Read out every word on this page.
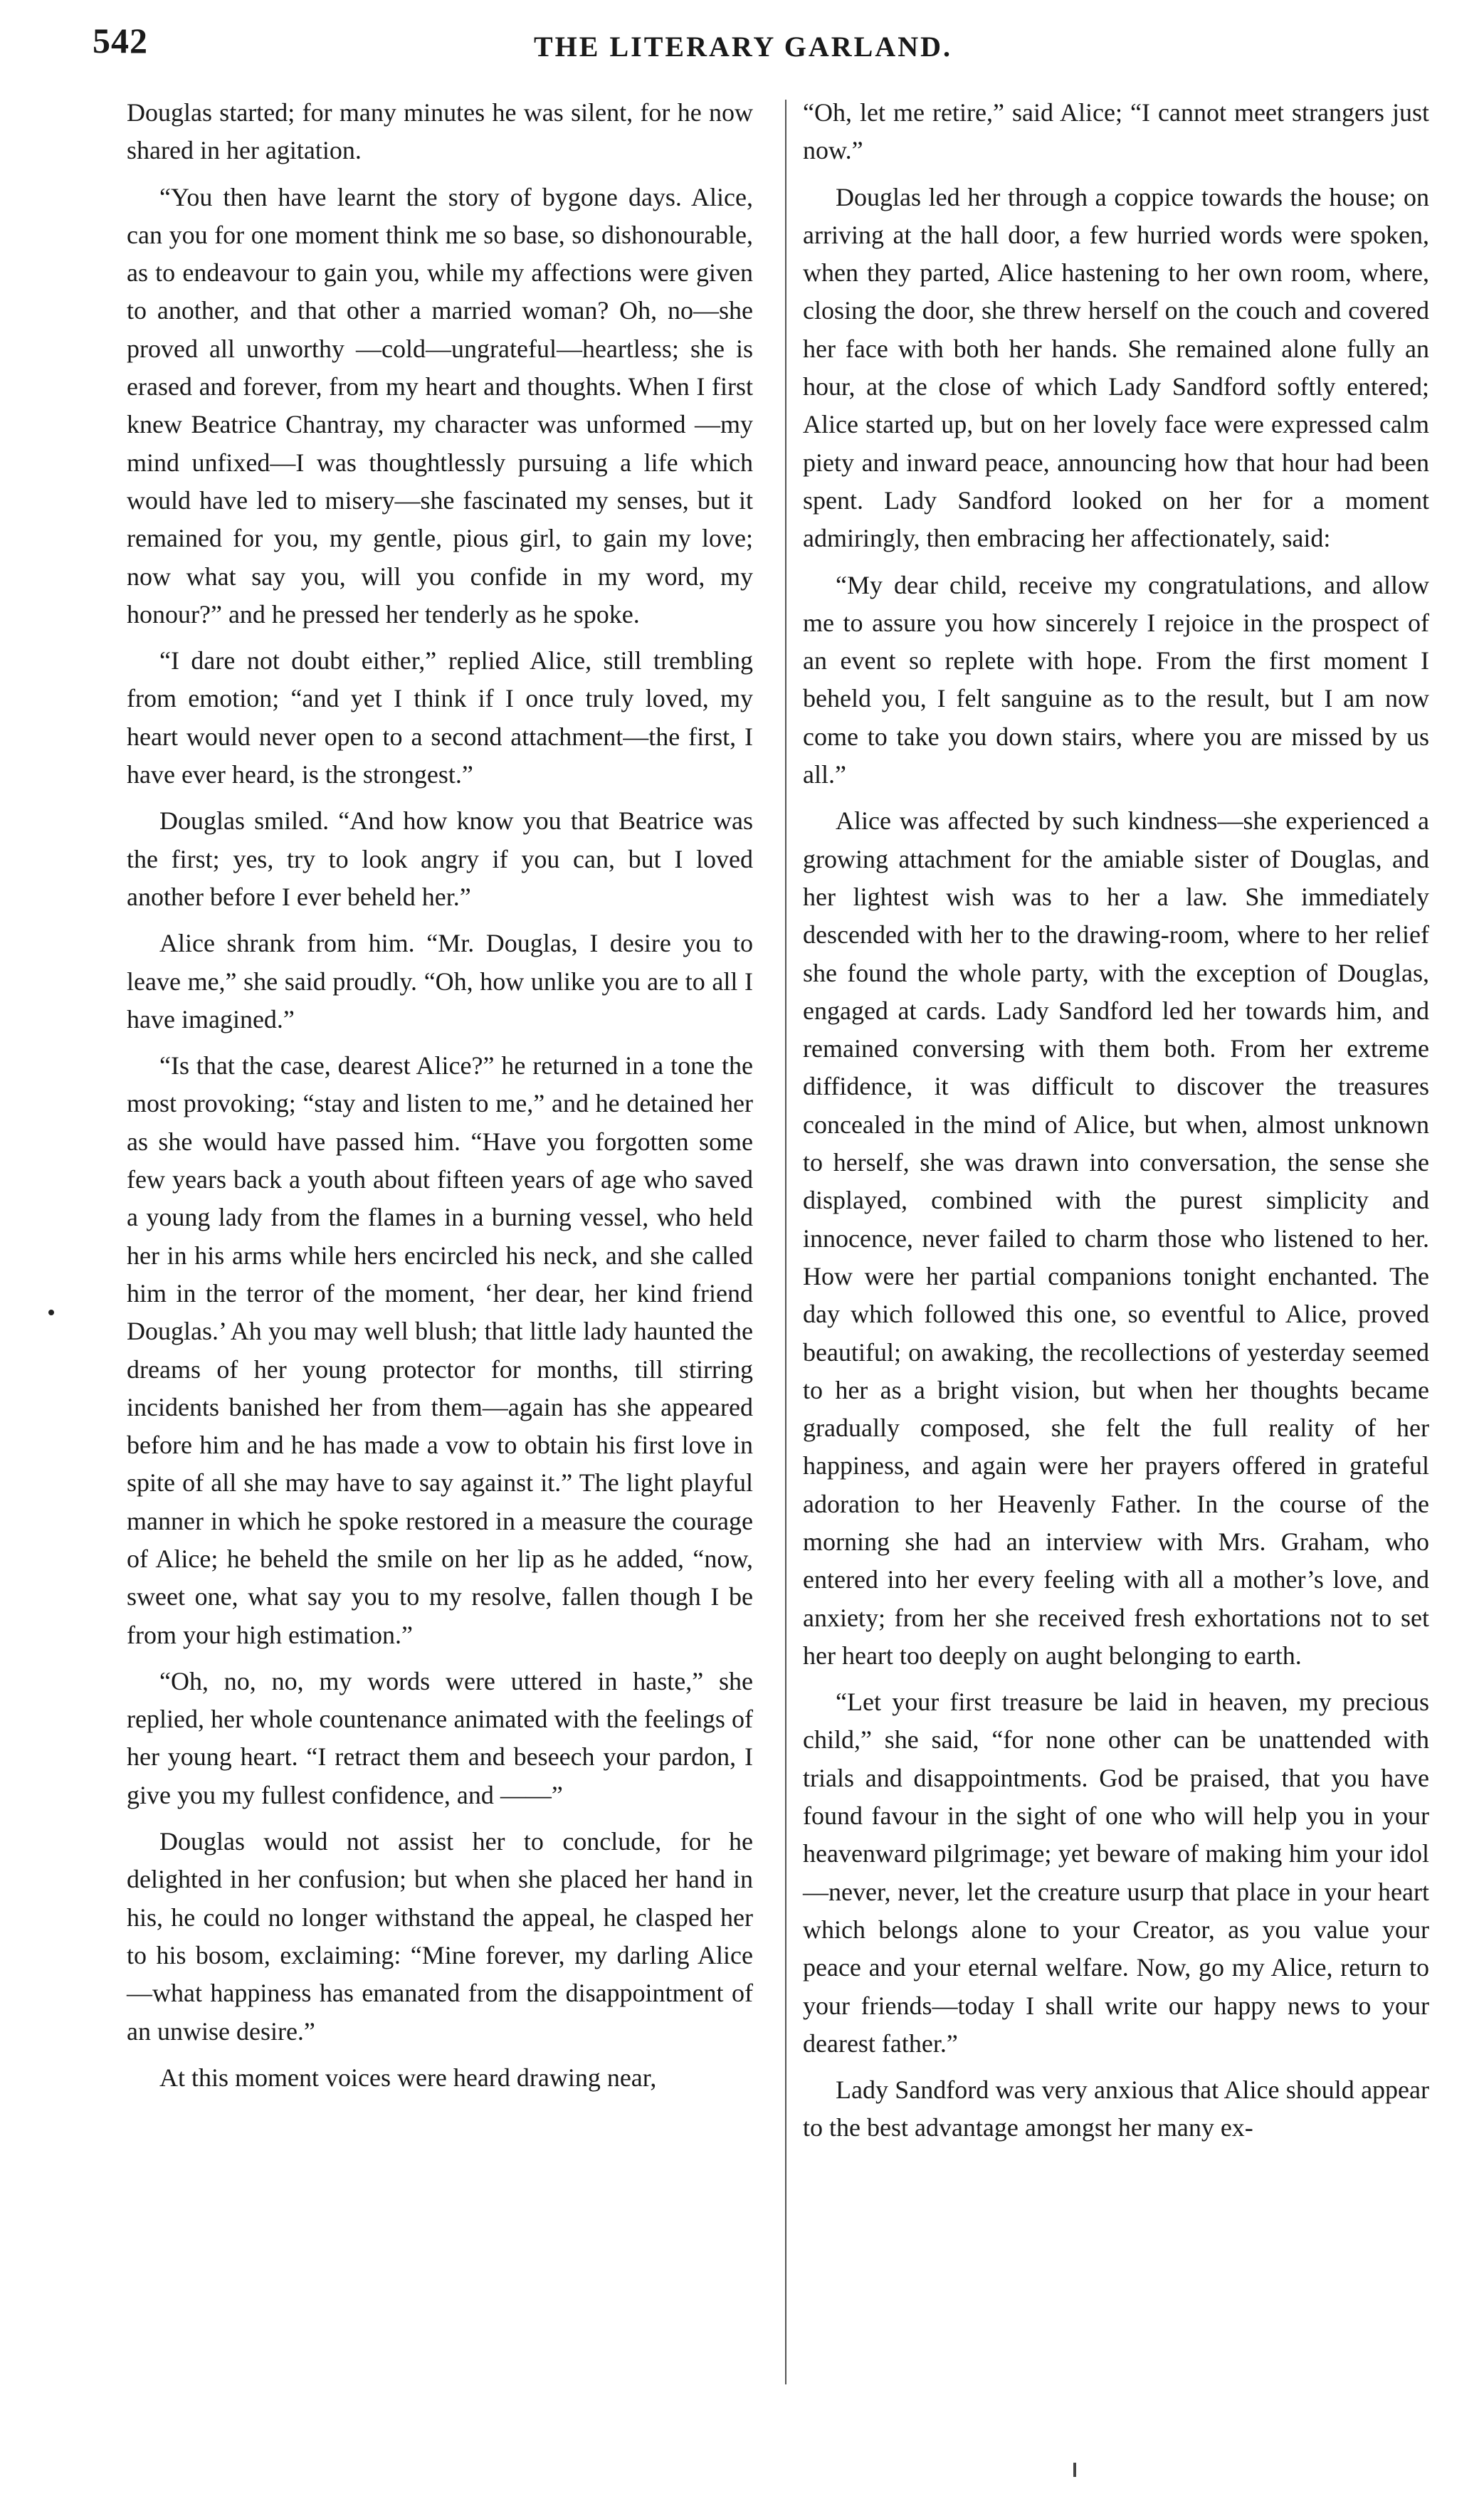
542	THE LITERARY GARLAND.

Douglas started; for many minutes he was silent, for he now shared in her agitation.

“You then have learnt the story of bygone days. Alice, can you for one moment think me so base, so dishonourable, as to endeavour to gain you, while my affections were given to another, and that other a married woman? Oh, no—she proved all unworthy —cold—ungrateful—heartless; she is erased and forever, from my heart and thoughts. When I first knew Beatrice Chantray, my character was unformed —my mind unfixed—I was thoughtlessly pursuing a life which would have led to misery—she fascinated my senses, but it remained for you, my gentle, pious girl, to gain my love; now what say you, will you confide in my word, my honour?” and he pressed her tenderly as he spoke.

“I dare not doubt either,” replied Alice, still trembling from emotion; “and yet I think if I once truly loved, my heart would never open to a second attachment—the first, I have ever heard, is the strongest.”

Douglas smiled. “And how know you that Beatrice was the first; yes, try to look angry if you can, but I loved another before I ever beheld her.”

Alice shrank from him. “Mr. Douglas, I desire you to leave me,” she said proudly. “Oh, how unlike you are to all I have imagined.”

“Is that the case, dearest Alice?” he returned in a tone the most provoking; “stay and listen to me,” and he detained her as she would have passed him. “Have you forgotten some few years back a youth about fifteen years of age who saved a young lady from the flames in a burning vessel, who held her in his arms while hers encircled his neck, and she called him in the terror of the moment, ‘her dear, her kind friend Douglas.’ Ah you may well blush; that little lady haunted the dreams of her young protector for months, till stirring incidents banished her from them—again has she appeared before him and he has made a vow to obtain his first love in spite of all she may have to say against it.” The light playful manner in which he spoke restored in a measure the courage of Alice; he beheld the smile on her lip as he added, “now, sweet one, what say you to my resolve, fallen though I be from your high estimation.”

“Oh, no, no, my words were uttered in haste,” she replied, her whole countenance animated with the feelings of her young heart. “I retract them and beseech your pardon, I give you my fullest confidence, and ——”

Douglas would not assist her to conclude, for he delighted in her confusion; but when she placed her hand in his, he could no longer withstand the appeal, he clasped her to his bosom, exclaiming: “Mine forever, my darling Alice—what happiness has emanated from the disappointment of an unwise desire.”

At this moment voices were heard drawing near,

“Oh, let me retire,” said Alice; “I cannot meet strangers just now.”

Douglas led her through a coppice towards the house; on arriving at the hall door, a few hurried words were spoken, when they parted, Alice hastening to her own room, where, closing the door, she threw herself on the couch and covered her face with both her hands. She remained alone fully an hour, at the close of which Lady Sandford softly entered; Alice started up, but on her lovely face were expressed calm piety and inward peace, announcing how that hour had been spent. Lady Sandford looked on her for a moment admiringly, then embracing her affectionately, said:

“My dear child, receive my congratulations, and allow me to assure you how sincerely I rejoice in the prospect of an event so replete with hope. From the first moment I beheld you, I felt sanguine as to the result, but I am now come to take you down stairs, where you are missed by us all.”

Alice was affected by such kindness—she experienced a growing attachment for the amiable sister of Douglas, and her lightest wish was to her a law. She immediately descended with her to the drawing-room, where to her relief she found the whole party, with the exception of Douglas, engaged at cards. Lady Sandford led her towards him, and remained conversing with them both. From her extreme diffidence, it was difficult to discover the treasures concealed in the mind of Alice, but when, almost unknown to herself, she was drawn into conversation, the sense she displayed, combined with the purest simplicity and innocence, never failed to charm those who listened to her. How were her partial companions tonight enchanted. The day which followed this one, so eventful to Alice, proved beautiful; on awaking, the recollections of yesterday seemed to her as a bright vision, but when her thoughts became gradually composed, she felt the full reality of her happiness, and again were her prayers offered in grateful adoration to her Heavenly Father. In the course of the morning she had an interview with Mrs. Graham, who entered into her every feeling with all a mother’s love, and anxiety; from her she received fresh exhortations not to set her heart too deeply on aught belonging to earth.

“Let your first treasure be laid in heaven, my precious child,” she said, “for none other can be unattended with trials and disappointments. God be praised, that you have found favour in the sight of one who will help you in your heavenward pilgrimage; yet beware of making him your idol—never, never, let the creature usurp that place in your heart which belongs alone to your Creator, as you value your peace and your eternal welfare. Now, go my Alice, return to your friends—today I shall write our happy news to your dearest father.”

Lady Sandford was very anxious that Alice should appear to the best advantage amongst her many ex-
